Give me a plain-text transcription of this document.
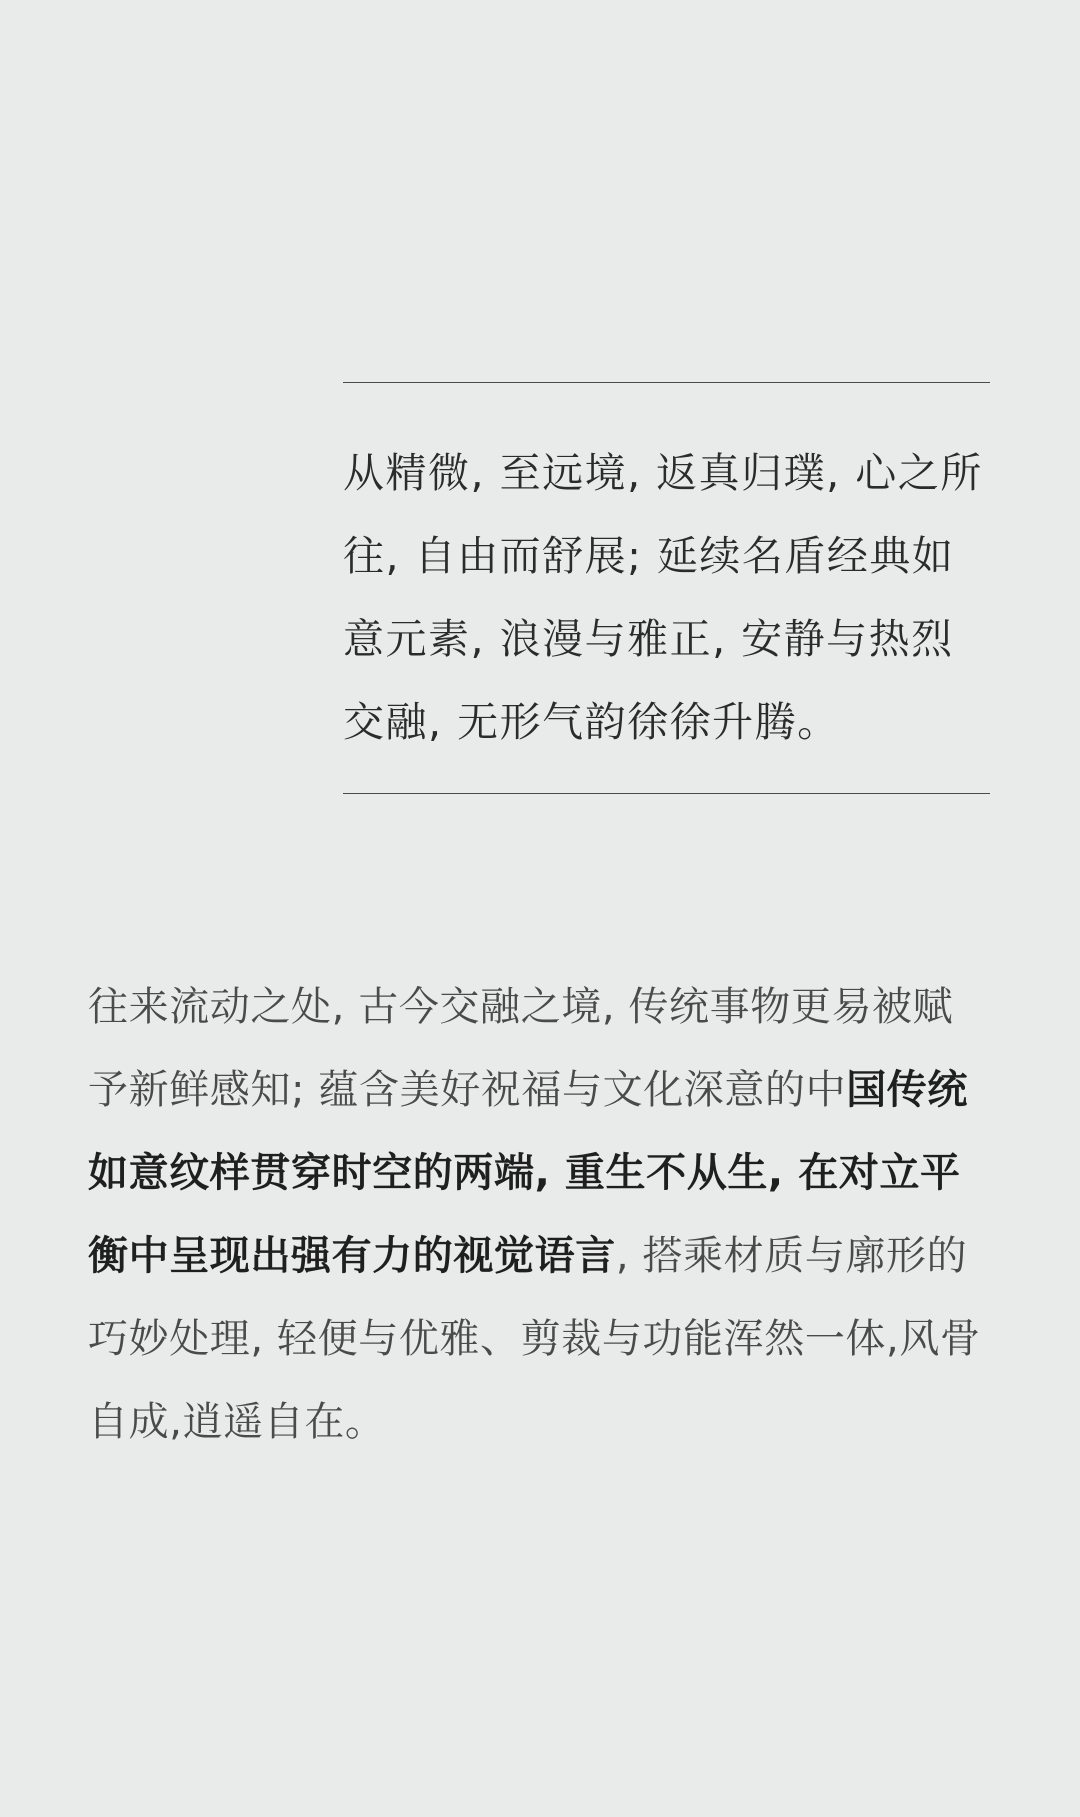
从精微, 至远境, 返真归璞, 心之所往, 自由而舒展; 延续名盾经典如意元素, 浪漫与雅正, 安静与热烈交融, 无形气韵徐徐升腾。

往来流动之处, 古今交融之境, 传统事物更易被赋予新鲜感知; 蕴含美好祝福与文化深意的中国传统如意纹样贯穿时空的两端, 重生不从生, 在对立平衡中呈现出强有力的视觉语言, 搭乘材质与廓形的巧妙处理, 轻便与优雅、剪裁与功能浑然一体,风骨自成,逍遥自在。
